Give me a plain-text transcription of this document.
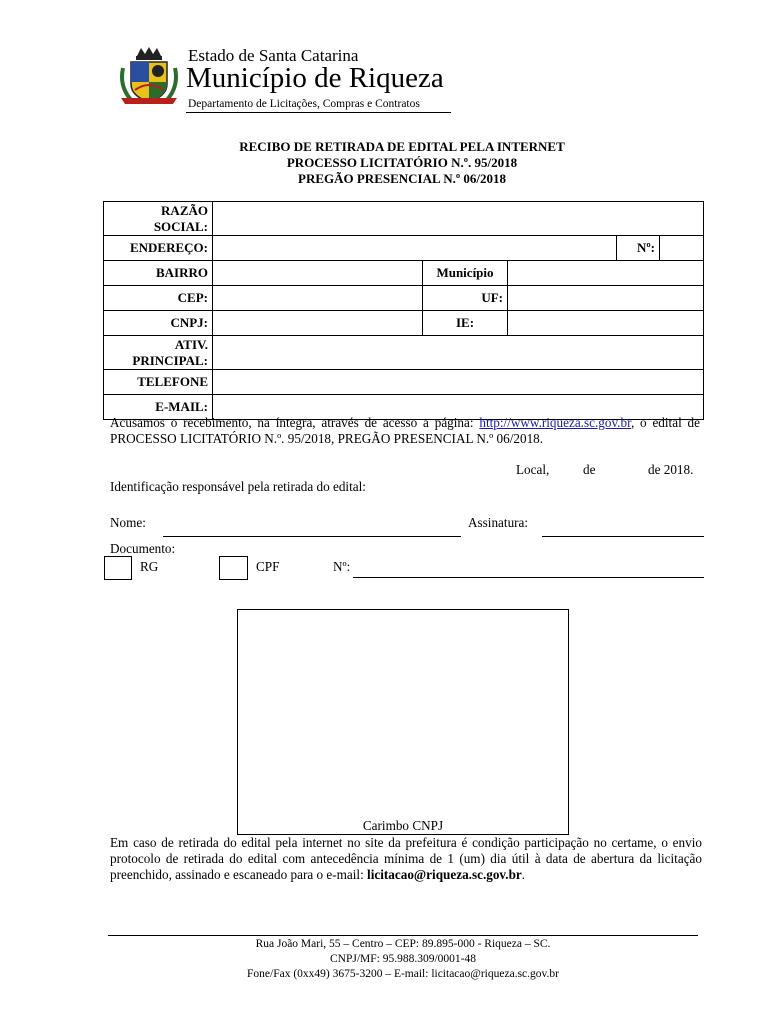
Estado de Santa Catarina
Município de Riqueza
Departamento de Licitações, Compras e Contratos
RECIBO DE RETIRADA DE EDITAL PELA INTERNET
PROCESSO LICITATÓRIO N.º. 95/2018
PREGÃO PRESENCIAL N.º 06/2018
RAZÃO SOCIAL:					
ENDEREÇO:				Nº:	
BAIRRO		Município			
CEP:		UF:			
CNPJ:		IE:			
ATIV. PRINCIPAL:					
TELEFONE					
E-MAIL:					
Acusamos o recebimento, na íntegra, através de acesso a página: http://www.riqueza.sc.gov.br, o edital de PROCESSO LICITATÓRIO N.º. 95/2018, PREGÃO PRESENCIAL N.º 06/2018.
Local,	de	de 2018.
Identificação responsável pela retirada do edital:
Nome:	Assinatura:
Documento:
RG	CPF	Nº:
Carimbo CNPJ
Em caso de retirada do edital pela internet no site da prefeitura é condição participação no certame, o envio protocolo de retirada do edital com antecedência mínima de 1 (um) dia útil à data de abertura da licitação preenchido, assinado e escaneado para o e-mail: licitacao@riqueza.sc.gov.br.
Rua João Mari, 55 – Centro – CEP: 89.895-000 - Riqueza – SC.
CNPJ/MF: 95.988.309/0001-48
Fone/Fax (0xx49) 3675-3200 – E-mail: licitacao@riqueza.sc.gov.br
